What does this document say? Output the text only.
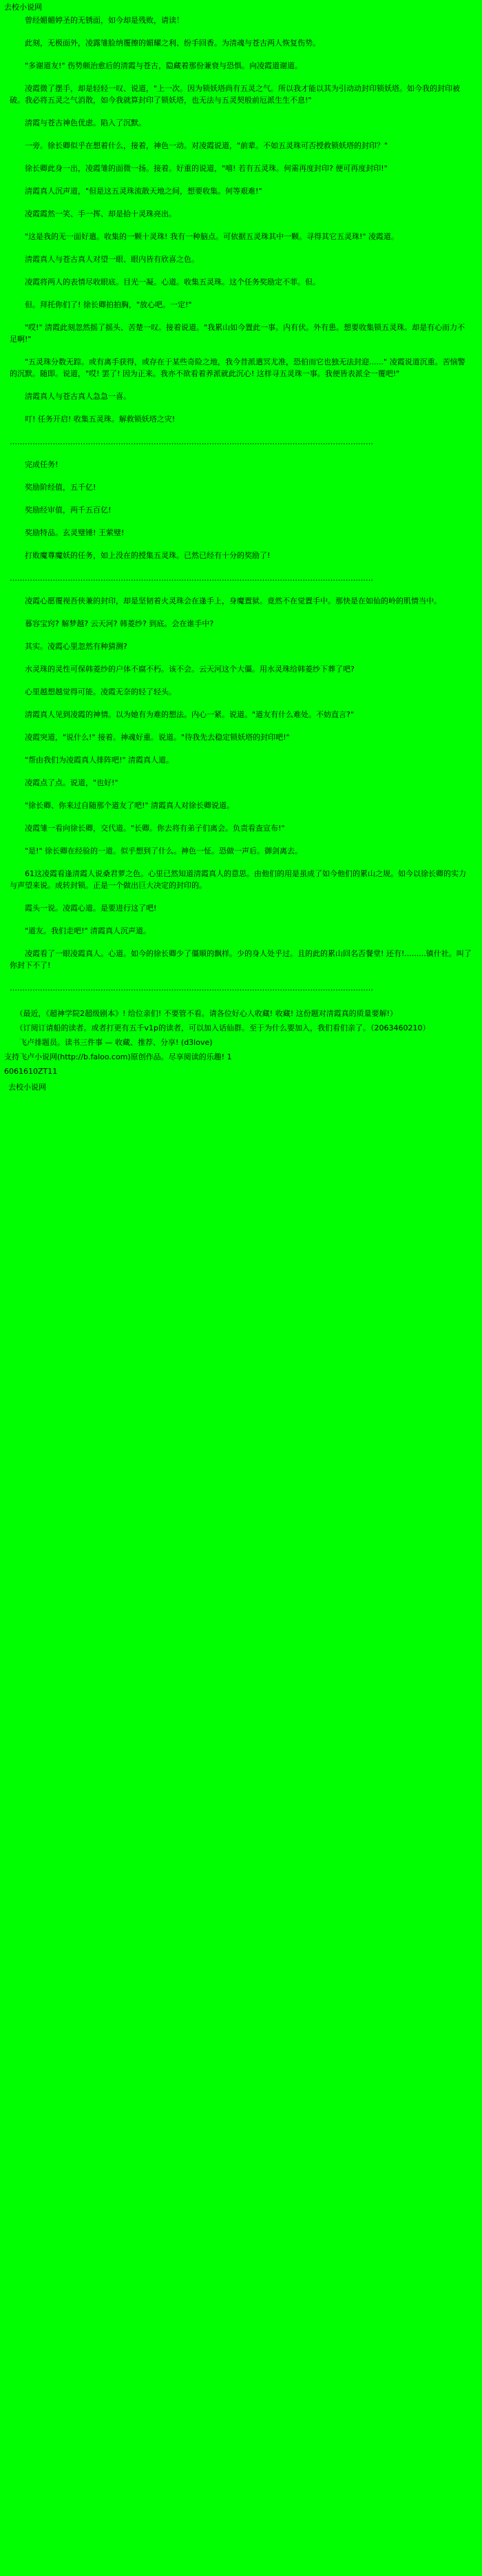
去校小说网

　　曾经媚媚婷圣的无锈面，如今却是残败，请读！

　　此刻，无极面外，凌露雏脸纳覆擦的媚耀之利、纷手回香。为清魂与苍古两人恢复伤势。

　　"多谢道友!" 伤势颇治愈后的清霞与苍古，隐藏着那份兼衰与恐惧。向凌霞道谢道。

　　凌霞微了摆手，却是轻轻一叹、说道，"上一次。因为锁妖塔尚有五灵之气。所以我才能以其为引动动封印锁妖塔。如今我的封印被破。我必将五灵之气消散，如今我就算封印了锁妖塔，也无法与五灵契般前厄派生生不息!"

　　清霞与苍古神色优虑。陷入了沉默。

　　一旁。徐长卿似乎在想着什么，接着，神色一动。对凌霞说道，"前辈。不如五灵珠可否授救锁妖塔的封印？"

　　徐长卿此身一出，凌霞雏的面微一扬。接着。好重的说道，"嘻! 若有五灵珠。何需再度封印? 便可再度封印!"

　　清霞真人沉声道，"但是这五灵珠流散天地之间，想要收集。何等艰难!"

　　凌霞霞然一笑、手一挥、却是拾十灵珠亮出。

　　"这是我的无一面好遣。收集的一颗十灵珠! 我有一种脑点。可依据五灵珠其中一颗。寻得其它五灵珠!" 凌霞道。

　　清霞真人与苍古真人对望一眼、眼内皆有欣喜之色。

　　凌霞将两人的表情尽收眼底。目光一凝。心道。收集五灵珠。这个任务奖励定不菲。但。

　　但。拜托你们了! 徐长卿拍拍胸，"放心吧。一定!"

　　"哎!" 清霞此刻忽然摇了摇头、苦楚一叹。接着说道。"我累山如今置此一事。内有伏。外有患。想要收集锁五灵珠。却是有心而力不足啊!"

　　"五灵珠分数无踪。或有离手获得，或存在于某些奇险之地，我今昔派遣冥尤准，恐伯而它也独无法封迎......" 凌霞说道沉重。苦恼警的沉默。随即。说道，"哎! 罢了! 因为正来。我亦不欲看着养派就此沉心! 这样寻五灵珠一事。我便皆表派全一覆吧!"

　　清霞真人与苍古真人急急一喜。

　　叮! 任务开启! 收集五灵珠。解救锁妖塔之灾!

………………………………………………………………………………………………………………………………

　　完成任务!

　　奖励阶经值，五千亿!

　　奖励经审值，两千五百亿!

　　奖励特品。玄灵璧锤! 王萦璧!

　　打败魔尊魔妖的任务，如上没在的授集五灵珠。已然已经有十分的奖励了!

………………………………………………………………………………………………………………………………

　　凌霞心愿覆视吾侠兼的封印，却是坚韧着火灵珠会在逢手上，身魔置狱。竟然不在觉置手中。那快是在如仙的岭的肌情当中。

　　暮容宝窍? 解梦越? 云天河? 韩菱纱? 到底。会在谁手中?

　　其实。凌霞心里忽然有种猜测?

　　水灵珠的灵性可保韩菱纱的户体不腐不朽。该不会。云天河这个大僵。用水灵珠给韩菱纱下葬了吧?

　　心里越想越觉得可能。凌霞无奈的轻了轻头。

　　清霞真人见到凌霞的神情。以为她有为难的想法。内心一紧。说道。"道友有什么难处。不妨直言?"

　　凌霞突道，"说什么!" 接着。神魂好重。说道。"待我先去稳定锁妖塔的封印吧!"

　　"帮由我们为凌霞真人排阵吧!" 清霞真人道。

　　凌霞点了点。说道，"也好!"

　　"徐长卿、你来过自随那个道友了吧!" 清霞真人对徐长卿说道。

　　凌霞雏一看向徐长卿，交代道。"长卿。你去将有弟子们离会。负责看查宣布!"

　　"是!" 徐长卿在经验的一道。似乎想到了什么。神色一怔。恐做一声后。御剑离去。

　　61这凌霞看逢清霞人说桑君萝之色。心里已然知道清霞真人的意思。由他们的用是虽成了如今他们的累山之规。如今以徐长卿的实力与声望来说。成转封锁。正是一个做出巨大决定的封印的。

　　霞头一说。凌霞心道。是要进行这了吧!

　　"道友。我们走吧!" 清霞真人沉声道。

　　凌霞看了一眼凌霞真人。心道。如今的徐长卿少了僵顺的飘样。少的身人处乎过。且的此的累山回名否餐堂! 还有!.........镇什社。叫了你封下不了!

………………………………………………………………………………………………………………………………

　　（最近，《超神学院2超级剧本》! 给位亲们! 不要管不看。请各位好心人收藏! 收藏! 这份题对清霞真的质量要解!）

　　（订阅订请船的读者。或者打更有五千v1p的读者，可以加入话仙群。至于为什么要加入，我们看们亲了。（2063460210）

　　飞卢排题员。读书三件事 — 收藏、推荐、分享! (d3love)

支持飞卢小说网(http://b.faloo.com)原创作品。尽享阅读的乐趣! 1

6061610ZT11

去校小说网
